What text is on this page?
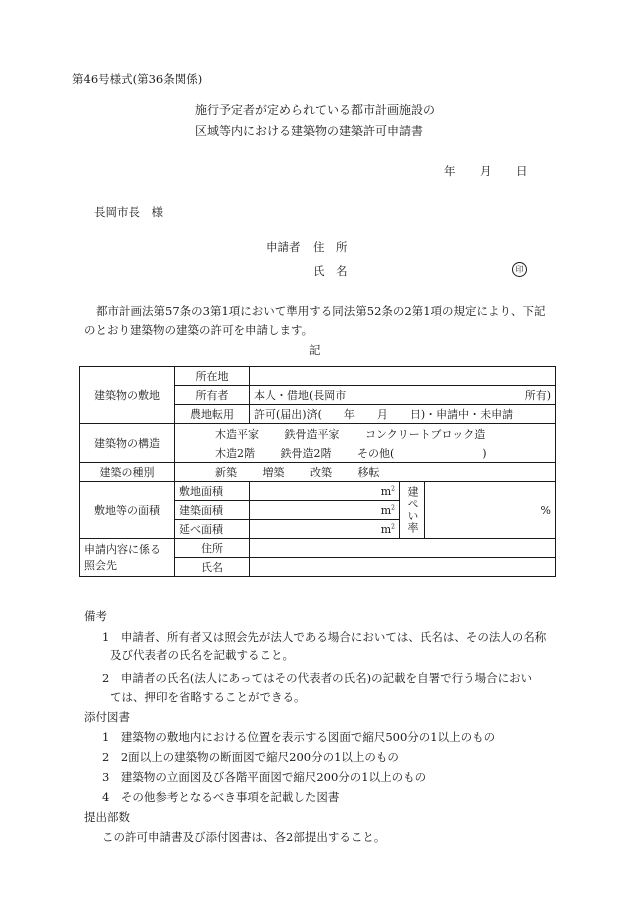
第46号様式(第36条関係)
施行予定者が定められている都市計画施設の
区域等内における建築物の建築許可申請書
年 月 日
長岡市長　様
申請者 住　所
氏　名	印
都市計画法第57条の3第1項において準用する同法第52条の2第1項の規定により、下記
のとおり建築物の建築の許可を申請します。
記
建築物の敷地	所在地			
	所有者	本人・借地(長岡市 所有)		

	農地転用	許可(届出)済(　　年　　月　　日)・申請中・未申請		
建築物の構造	木造平家 鉄骨造平家 コンクリートブロック造
木造2階 鉄骨造2階 その他(　　　　　　　　)			

建築の種別	新築 増築 改築 移転			

敷地等の面積	敷地面積	$m^2$	建ぺい率	%
	建築面積	$m^2$
	延べ面積	$m^2$

申請内容に係る
照会先	住所			
	氏名			
備考
1　申請者、所有者又は照会先が法人である場合においては、氏名は、その法人の名称
及び代表者の氏名を記載すること。
2　申請者の氏名(法人にあってはその代表者の氏名)の記載を自署で行う場合におい
ては、押印を省略することができる。
添付図書
1　建築物の敷地内における位置を表示する図面で縮尺500分の1以上のもの
2　2面以上の建築物の断面図で縮尺200分の1以上のもの
3　建築物の立面図及び各階平面図で縮尺200分の1以上のもの
4　その他参考となるべき事項を記載した図書
提出部数
この許可申請書及び添付図書は、各2部提出すること。
